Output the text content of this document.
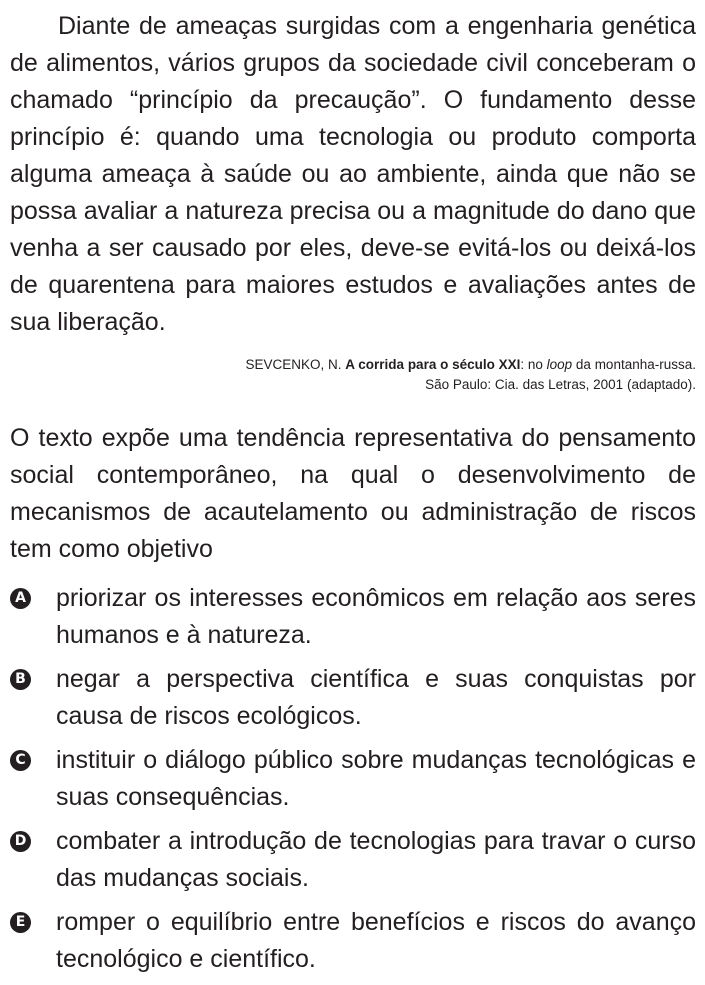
Diante de ameaças surgidas com a engenharia genética de alimentos, vários grupos da sociedade civil conceberam o chamado “princípio da precaução”. O fundamento desse princípio é: quando uma tecnologia ou produto comporta alguma ameaça à saúde ou ao ambiente, ainda que não se possa avaliar a natureza precisa ou a magnitude do dano que venha a ser causado por eles, deve-se evitá-los ou deixá-los de quarentena para maiores estudos e avaliações antes de sua liberação.

SEVCENKO, N. A corrida para o século XXI: no loop da montanha-russa.
São Paulo: Cia. das Letras, 2001 (adaptado).

O texto expõe uma tendência representativa do pensamento social contemporâneo, na qual o desenvolvimento de mecanismos de acautelamento ou administração de riscos tem como objetivo

A priorizar os interesses econômicos em relação aos seres humanos e à natureza.
B negar a perspectiva científica e suas conquistas por causa de riscos ecológicos.
C instituir o diálogo público sobre mudanças tecnológicas e suas consequências.
D combater a introdução de tecnologias para travar o curso das mudanças sociais.
E romper o equilíbrio entre benefícios e riscos do avanço tecnológico e científico.
